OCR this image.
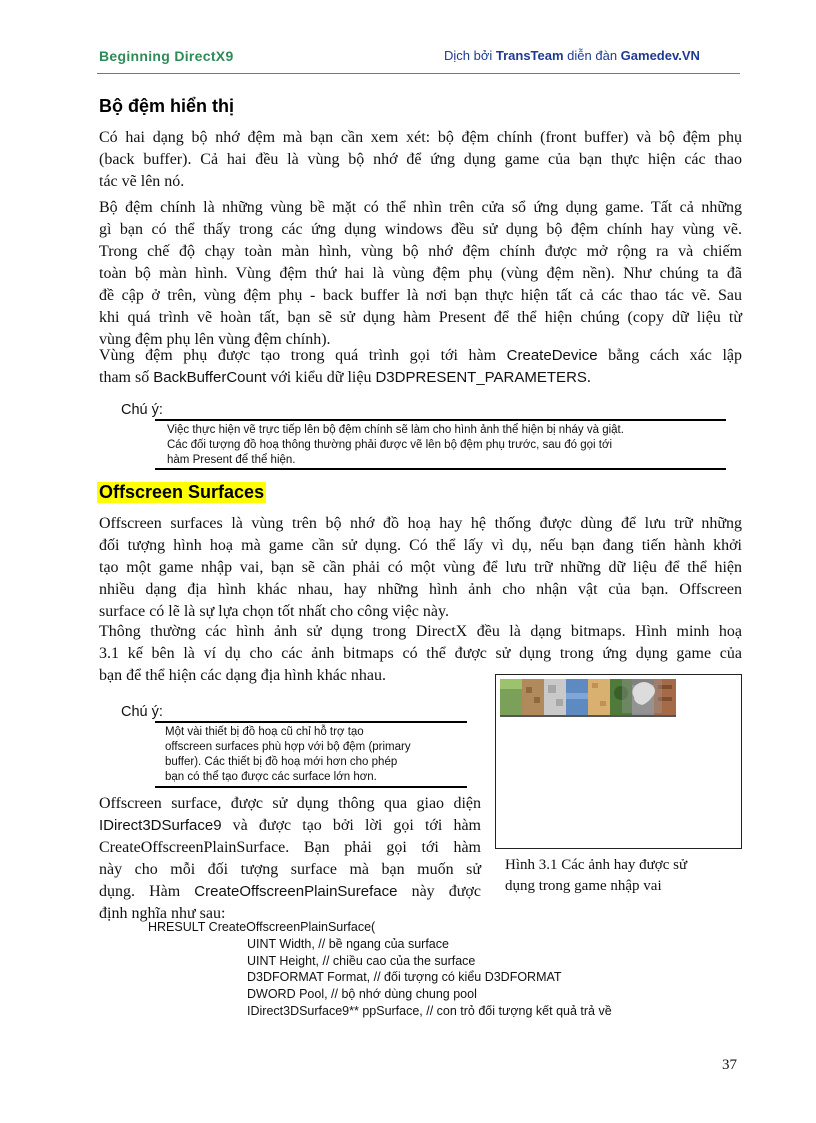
Beginning DirectX9	Dịch bởi TransTeam diễn đàn Gamedev.VN
Bộ đệm hiển thị
Có hai dạng bộ nhớ đệm mà bạn cần xem xét: bộ đệm chính (front buffer) và bộ đệm phụ
(back buffer). Cả hai đều là vùng bộ nhớ để ứng dụng game của bạn thực hiện các thao
tác vẽ lên nó.
Bộ đệm chính là những vùng bề mặt có thể nhìn trên cửa sổ ứng dụng game. Tất cả những
gì bạn có thể thấy trong các ứng dụng windows đều sử dụng bộ đệm chính hay vùng vẽ.
Trong chế độ chạy toàn màn hình, vùng bộ nhớ đệm chính được mở rộng ra và chiếm
toàn bộ màn hình. Vùng đệm thứ hai là vùng đệm phụ (vùng đệm nền). Như chúng ta đã
đề cập ở trên, vùng đệm phụ - back buffer là nơi bạn thực hiện tất cả các thao tác vẽ. Sau
khi quá trình vẽ hoàn tất, bạn sẽ sử dụng hàm Present để thể hiện chúng (copy dữ liệu từ
vùng đệm phụ lên vùng đệm chính).
Vùng đệm phụ được tạo trong quá trình gọi tới hàm CreateDevice bằng cách xác lập
tham số BackBufferCount với kiểu dữ liệu D3DPRESENT_PARAMETERS.
Chú ý:
Việc thực hiện vẽ trực tiếp lên bộ đệm chính sẽ làm cho hình ảnh thể hiện bị nháy và giật.
Các đối tượng đồ hoạ thông thường phải được vẽ lên bộ đệm phụ trước, sau đó gọi tới
hàm Present để thể hiện.
Offscreen Surfaces
Offscreen surfaces là vùng trên bộ nhớ đồ hoạ hay hệ thống được dùng để lưu trữ những
đối tượng hình hoạ mà game cần sử dụng. Có thể lấy vì dụ, nếu bạn đang tiến hành khởi
tạo một game nhập vai, bạn sẽ cần phải có một vùng để lưu trữ những dữ liệu để thể hiện
nhiều dạng địa hình khác nhau, hay những hình ảnh cho nhận vật của bạn. Offscreen
surface có lẽ là sự lựa chọn tốt nhất cho công việc này.
Thông thường các hình ảnh sử dụng trong DirectX đều là dạng bitmaps. Hình minh hoạ
3.1 kế bên là ví dụ cho các ảnh bitmaps có thể được sử dụng trong ứng dụng game của
bạn để thể hiện các dạng địa hình khác nhau.
Chú ý:
Một vài thiết bị đồ hoạ cũ chỉ hỗ trợ tạo
offscreen surfaces phù hợp với bộ đệm (primary
buffer). Các thiết bị đồ hoạ mới hơn cho phép
bạn có thể tạo được các surface lớn hơn.
Offscreen surface, được sử dụng thông qua giao diện
IDirect3DSurface9 và được tạo bởi lời gọi tới hàm
CreateOffscreenPlainSurface. Bạn phải gọi tới hàm
này cho mỗi đối tượng surface mà bạn muốn sử
dụng. Hàm CreateOffscreenPlainSureface này được
định nghĩa như sau:
Hình 3.1 Các ảnh hay được sử
dụng trong game nhập vai
HRESULT CreateOffscreenPlainSurface(
UINT Width, // bề ngang của surface
UINT Height, // chiều cao của the surface
D3DFORMAT Format, // đối tượng có kiểu D3DFORMAT
DWORD Pool, // bộ nhớ dùng chung pool
IDirect3DSurface9** ppSurface, // con trỏ đối tượng kết quả trả về
37
